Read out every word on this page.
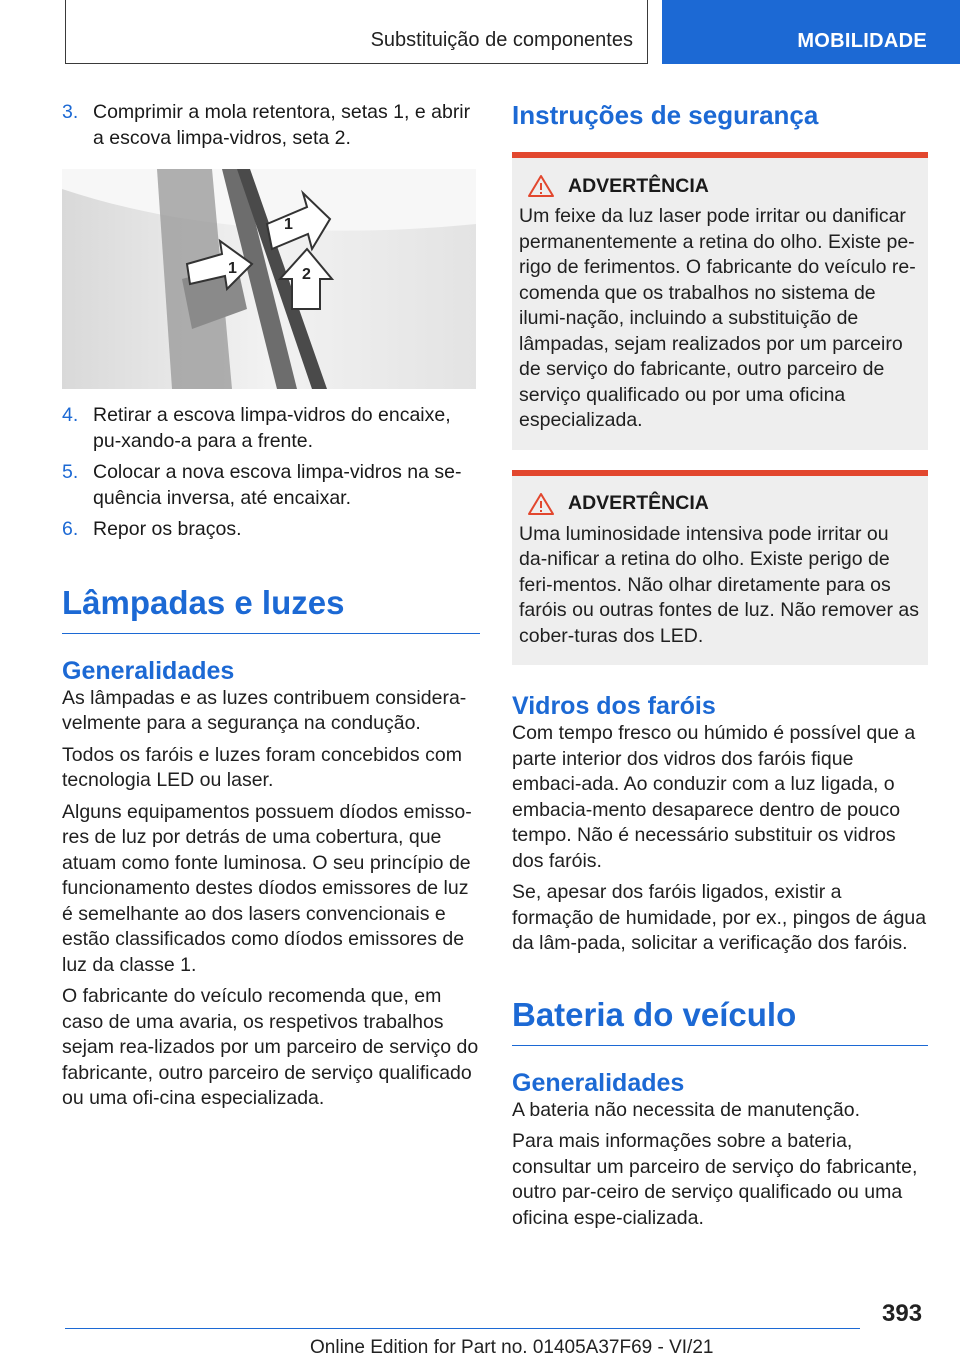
Substituição de componentes	MOBILIDADE
3. Comprimir a mola retentora, setas 1, e abrir a escova limpa-vidros, seta 2.
1
1
2
4. Retirar a escova limpa-vidros do encaixe, pu-xando-a para a frente.
5. Colocar a nova escova limpa-vidros na se-quência inversa, até encaixar.
6. Repor os braços.
Lâmpadas e luzes
Generalidades

As lâmpadas e as luzes contribuem considera-velmente para a segurança na condução.

Todos os faróis e luzes foram concebidos com tecnologia LED ou laser.

Alguns equipamentos possuem díodos emisso-res de luz por detrás de uma cobertura, que atuam como fonte luminosa. O seu princípio de funcionamento destes díodos emissores de luz é semelhante ao dos lasers convencionais e estão classificados como díodos emissores de luz da classe 1.

O fabricante do veículo recomenda que, em caso de uma avaria, os respetivos trabalhos sejam rea-lizados por um parceiro de serviço do fabricante, outro parceiro de serviço qualificado ou uma ofi-cina especializada.

Instruções de segurança
ADVERTÊNCIA

Um feixe da luz laser pode irritar ou danificar permanentemente a retina do olho. Existe pe-rigo de ferimentos. O fabricante do veículo re-comenda que os trabalhos no sistema de ilumi-nação, incluindo a substituição de lâmpadas, sejam realizados por um parceiro de serviço do fabricante, outro parceiro de serviço qualificado ou por uma oficina especializada.

ADVERTÊNCIA

Uma luminosidade intensiva pode irritar ou da-nificar a retina do olho. Existe perigo de feri-mentos. Não olhar diretamente para os faróis ou outras fontes de luz. Não remover as cober-turas dos LED.

Vidros dos faróis

Com tempo fresco ou húmido é possível que a parte interior dos vidros dos faróis fique embaci-ada. Ao conduzir com a luz ligada, o embacia-mento desaparece dentro de pouco tempo. Não é necessário substituir os vidros dos faróis.

Se, apesar dos faróis ligados, existir a formação de humidade, por ex., pingos de água da lâm-pada, solicitar a verificação dos faróis.

Bateria do veículo
Generalidades

A bateria não necessita de manutenção.

Para mais informações sobre a bateria, consultar um parceiro de serviço do fabricante, outro par-ceiro de serviço qualificado ou uma oficina espe-cializada.

393
Online Edition for Part no. 01405A37F69 - VI/21
